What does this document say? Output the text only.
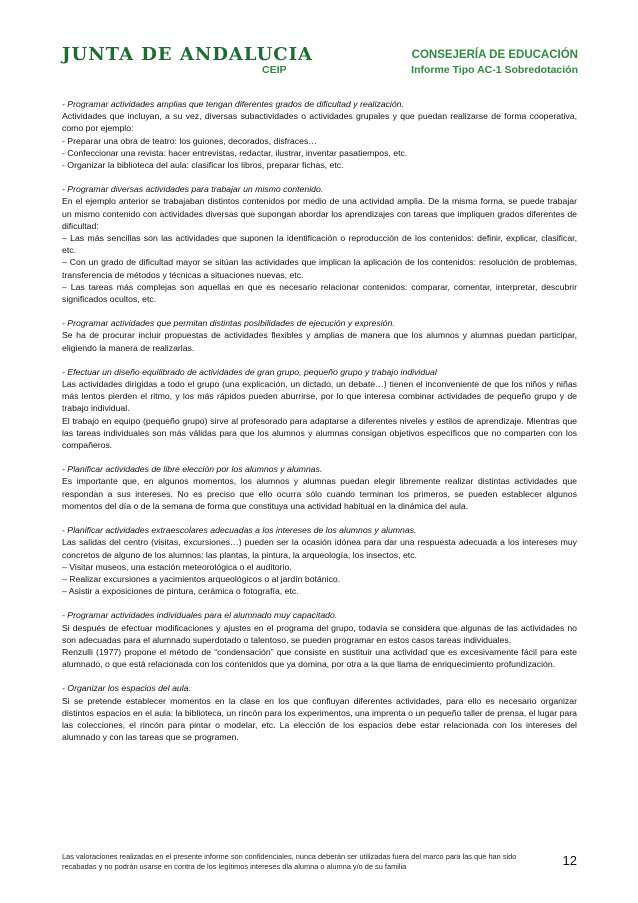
JUNTA DE ANDALUCIA
CEIP
CONSEJERÍA DE EDUCACIÓN
Informe Tipo AC-1 Sobredotación

- Programar actividades amplias que tengan diferentes grados de dificultad y realización.

Actividades que incluyan, a su vez, diversas subactividades o actividades grupales y que puedan realizarse de forma cooperativa, como por ejemplo:

- Preparar una obra de teatro: los guiones, decorados, disfraces…

- Confeccionar una revista: hacer entrevistas, redactar, ilustrar, inventar pasatiempos, etc.

- Organizar la biblioteca del aula: clasificar los libros, preparar fichas, etc.

- Programar diversas actividades para trabajar un mismo contenido.

En el ejemplo anterior se trabajaban distintos contenidos por medio de una actividad amplia. De la misma forma, se puede trabajar un mismo contenido con actividades diversas que supongan abordar los aprendizajes con tareas que impliquen grados diferentes de dificultad:

– Las más sencillas son las actividades que suponen la identificación o reproducción de los contenidos: definir, explicar, clasificar, etc.

– Con un grado de dificultad mayor se sitúan las actividades que implican la aplicación de los contenidos: resolución de problemas, transferencia de métodos y técnicas a situaciones nuevas, etc.

– Las tareas más complejas son aquellas en que es necesario relacionar contenidos: comparar, comentar, interpretar, descubrir significados ocultos, etc.

- Programar actividades que permitan distintas posibilidades de ejecución y expresión.

Se ha de procurar incluir propuestas de actividades flexibles y amplias de manera que los alumnos y alumnas puedan participar, eligiendo la manera de realizarlas.

- Efectuar un diseño equilibrado de actividades de gran grupo, pequeño grupo y trabajo individual

Las actividades dirigidas a todo el grupo (una explicación, un dictado, un debate…) tienen el inconveniente de que los niños y niñas más lentos pierden el ritmo, y los más rápidos pueden aburrirse, por lo que interesa combinar actividades de pequeño grupo y de trabajo individual.

El trabajo en equipo (pequeño grupo) sirve al profesorado para adaptarse a diferentes niveles y estilos de aprendizaje. Mientras que las tareas individuales son más válidas para que los alumnos y alumnas consigan objetivos específicos que no comparten con los compañeros.

- Planificar actividades de libre elección por los alumnos y alumnas.

Es importante que, en algunos momentos, los alumnos y alumnas puedan elegir libremente realizar distintas actividades que respondan a sus intereses. No es preciso que ello ocurra sólo cuando terminan los primeros, se pueden establecer algunos momentos del día o de la semana de forma que constituya una actividad habitual en la dinámica del aula.

- Planificar actividades extraescolares adecuadas a los intereses de los alumnos y alumnas.

Las salidas del centro (visitas, excursiones…) pueden ser la ocasión idónea para dar una respuesta adecuada a los intereses muy concretos de alguno de los alumnos: las plantas, la pintura, la arqueología, los insectos, etc.

– Visitar museos, una estación meteorológica o el auditorio.

– Realizar excursiones a yacimientos arqueológicos o al jardín botánico.

– Asistir a exposiciones de pintura, cerámica o fotografía, etc.

- Programar actividades individuales para el alumnado muy capacitado.

Si después de efectuar modificaciones y ajustes en el programa del grupo, todavía se considera que algunas de las actividades no son adecuadas para el alumnado superdotado o talentoso, se pueden programar en estos casos tareas individuales.

Renzulli (1977) propone el método de “condensación” que consiste en sustituir una actividad que es excesivamente fácil para este alumnado, o que está relacionada con los contenidos que ya domina, por otra a la que llama de enriquecimiento profundización.

- Organizar los espacios del aula.

Si se pretende establecer momentos en la clase en los que confluyan diferentes actividades, para ello es necesario organizar distintos espacios en el aula: la biblioteca, un rincón para los experimentos, una imprenta o un pequeño taller de prensa, el lugar para las colecciones, el rincón para pintar o modelar, etc. La elección de los espacios debe estar relacionada con los intereses del alumnado y con las tareas que se programen.

Las valoraciones realizadas en el presente informe son confidenciales, nunca deberán ser utilizadas fuera del marco para las que han sido recabadas y no podrán usarse en contra de los legítimos intereses dla alumna o alumna y/o de su familia	12
